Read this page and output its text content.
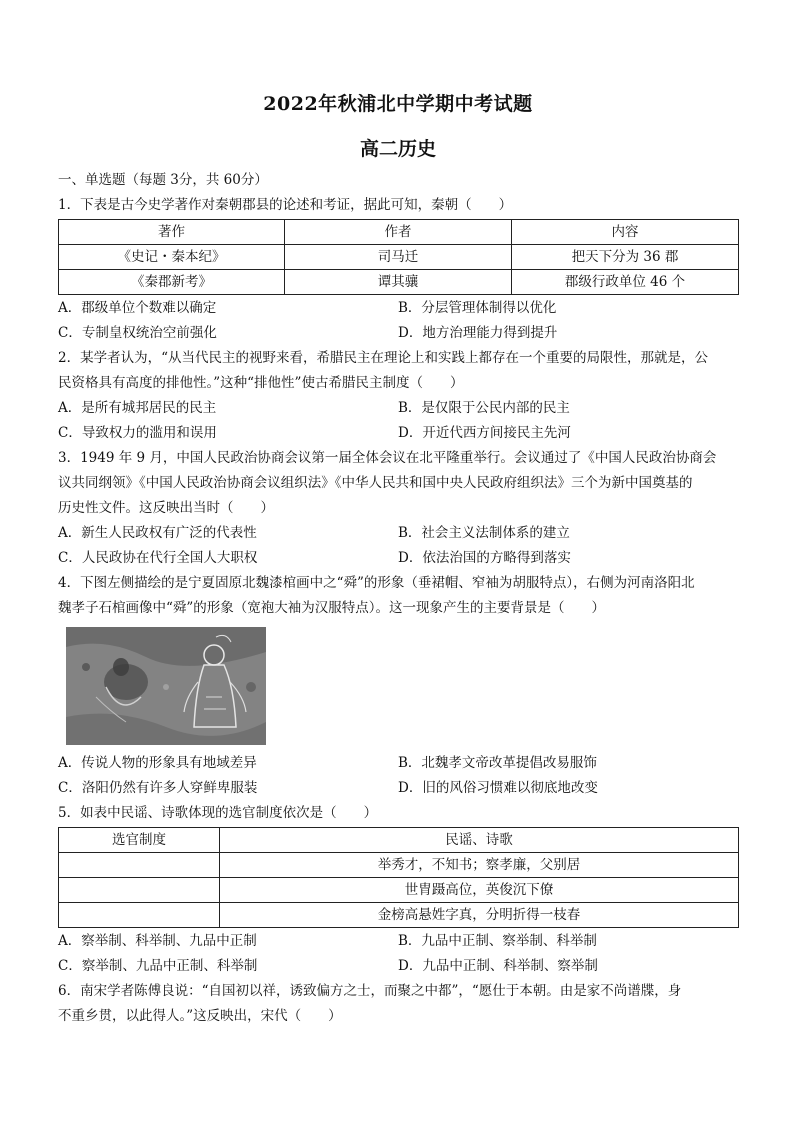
2022年秋浦北中学期中考试题
高二历史
一、单选题（每题 3分，共 60分）
1．下表是古今史学著作对秦朝郡县的论述和考证，据此可知，秦朝（　　）
著作	作者	内容
《史记・秦本纪》	司马迁	把天下分为 36 郡
《秦郡新考》	谭其骧	郡级行政单位 46 个
A．郡级单位个数难以确定	B．分层管理体制得以优化
C．专制皇权统治空前强化	D．地方治理能力得到提升
2．某学者认为，“从当代民主的视野来看，希腊民主在理论上和实践上都存在一个重要的局限性，那就是，公
民资格具有高度的排他性。”这种“排他性”使古希腊民主制度（　　）
A．是所有城邦居民的民主	B．是仅限于公民内部的民主
C．导致权力的滥用和误用	D．开近代西方间接民主先河
3．1949 年 9 月，中国人民政治协商会议第一届全体会议在北平隆重举行。会议通过了《中国人民政治协商会
议共同纲领》《中国人民政治协商会议组织法》《中华人民共和国中央人民政府组织法》三个为新中国奠基的
历史性文件。这反映出当时（　　）
A．新生人民政权有广泛的代表性	B．社会主义法制体系的建立
C．人民政协在代行全国人大职权	D．依法治国的方略得到落实
4．下图左侧描绘的是宁夏固原北魏漆棺画中之“舜”的形象（垂裙帽、窄袖为胡服特点），右侧为河南洛阳北
魏孝子石棺画像中“舜”的形象（宽袍大袖为汉服特点）。这一现象产生的主要背景是（　　）
A．传说人物的形象具有地域差异	B．北魏孝文帝改革提倡改易服饰
C．洛阳仍然有许多人穿鲜卑服装	D．旧的风俗习惯难以彻底地改变
5．如表中民谣、诗歌体现的选官制度依次是（　　）
选官制度	民谣、诗歌
	举秀才，不知书；察孝廉，父别居
	世胄蹑高位，英俊沉下僚
	金榜高悬姓字真，分明折得一枝春
A．察举制、科举制、九品中正制	B．九品中正制、察举制、科举制
C．察举制、九品中正制、科举制	D．九品中正制、科举制、察举制
6．南宋学者陈傅良说：“自国初以祥，诱致偏方之士，而聚之中都”，“愿仕于本朝。由是家不尚谱牒，身
不重乡贯，以此得人。”这反映出，宋代（　　）
